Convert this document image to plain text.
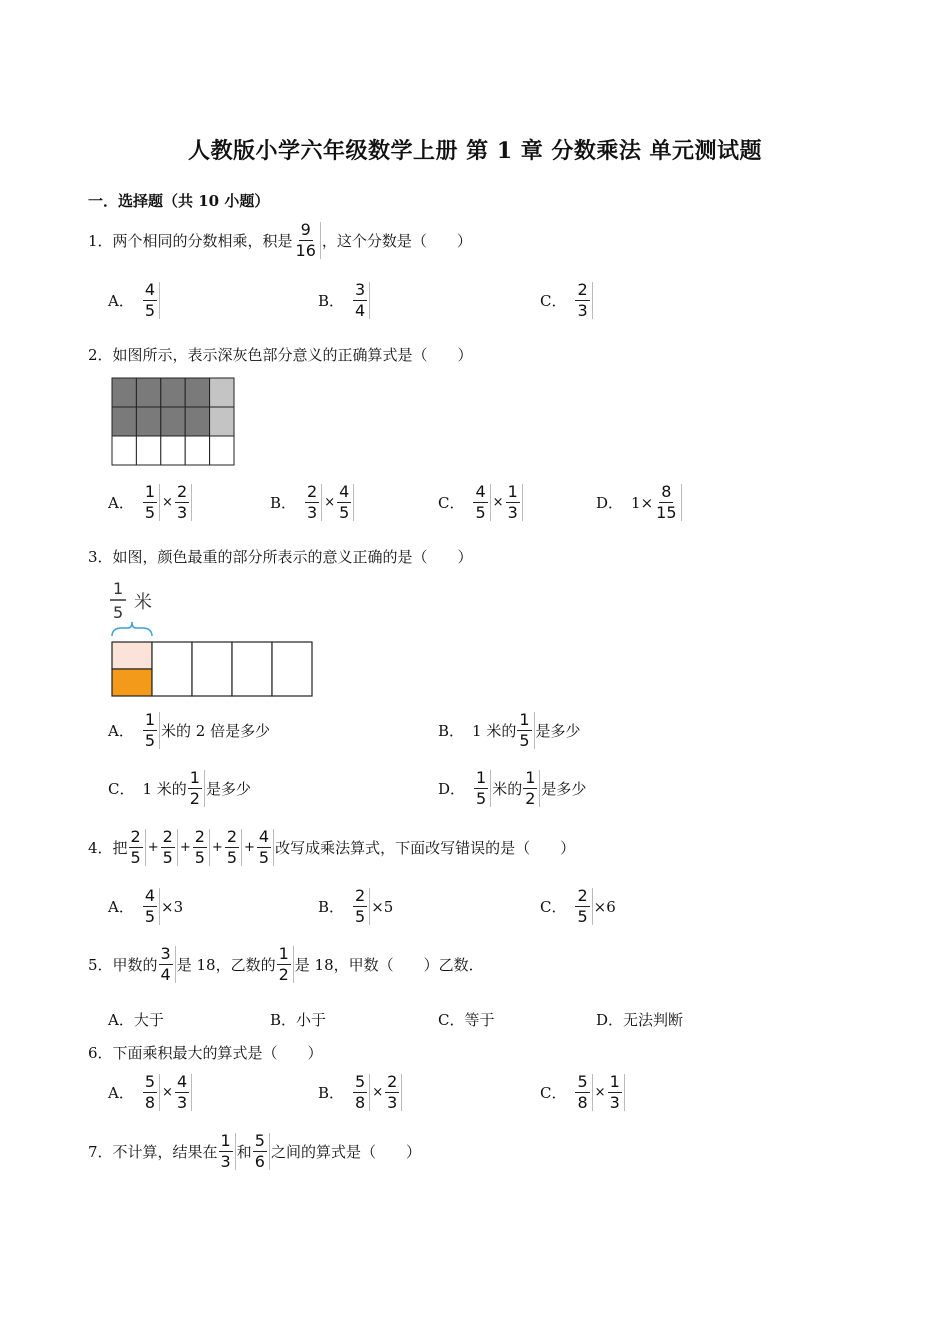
人教版小学六年级数学上册 第 1 章 分数乘法 单元测试题
一．选择题（共 10 小题）
1．两个相同的分数相乘，积是 $\frac{9}{16}$ ，这个分数是（　　）
A． $\frac{4}{5}$	B． $\frac{3}{4}$	C． $\frac{2}{3}$
2．如图所示，表示深灰色部分意义的正确算式是（　　）
A． $\frac{1}{5} \times \frac{2}{3}$	B． $\frac{2}{3} \times \frac{4}{5}$	C． $\frac{4}{5} \times \frac{1}{3}$	D． $1\times \frac{8}{15}$
3．如图，颜色最重的部分所表示的意义正确的是（　　）
1
5 米
A． $\frac{1}{5}$ 米的 2 倍是多少	B． 1 米的 $\frac{1}{5}$ 是多少
C． 1 米的 $\frac{1}{2}$ 是多少	D． $\frac{1}{5}$ 米的 $\frac{1}{2}$ 是多少
4．把 $\frac{2}{5} + \frac{2}{5} + \frac{2}{5} + \frac{2}{5} + \frac{4}{5}$ 改写成乘法算式，下面改写错误的是（　　）
A． $\frac{4}{5} \times 3$	B． $\frac{2}{5} \times 5$	C． $\frac{2}{5} \times 6$
5．甲数的 $\frac{3}{4}$ 是 18，乙数的 $\frac{1}{2}$ 是 18，甲数（　　）乙数．
A．大于	B．小于	C．等于	D．无法判断
6．下面乘积最大的算式是（　　）
A． $\frac{5}{8} \times \frac{4}{3}$	B． $\frac{5}{8} \times \frac{2}{3}$	C． $\frac{5}{8} \times \frac{1}{3}$
7．不计算，结果在 $\frac{1}{3}$ 和 $\frac{5}{6}$ 之间的算式是（　　）
